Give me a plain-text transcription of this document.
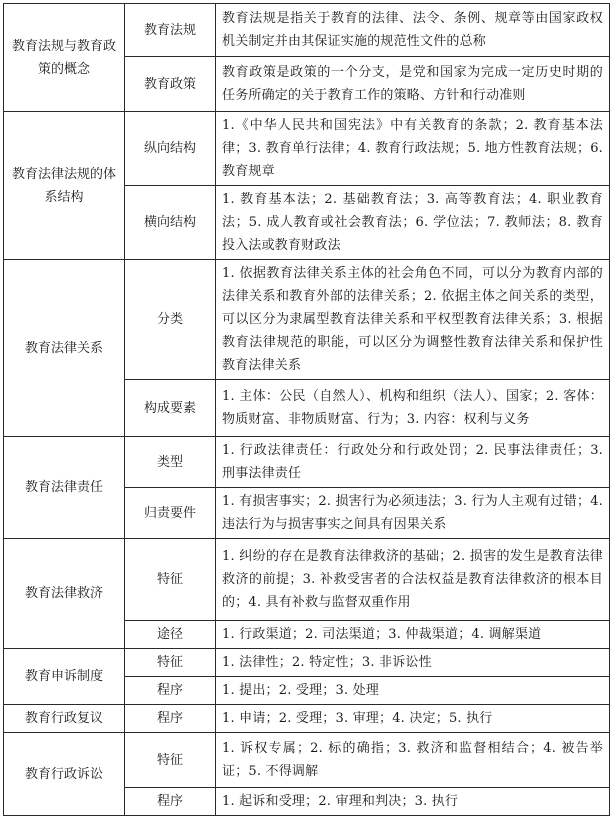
教育法规与教育政策的概念	教育法规	教育法规是指关于教育的法律、法令、条例、规章等由国家政权机关制定并由其保证实施的规范性文件的总称
	教育政策	教育政策是政策的一个分支，是党和国家为完成一定历史时期的任务所确定的关于教育工作的策略、方针和行动准则
教育法律法规的体系结构	纵向结构	1.《中华人民共和国宪法》中有关教育的条款；2. 教育基本法律；3. 教育单行法律；4. 教育行政法规；5. 地方性教育法规；6. 教育规章
	横向结构	1. 教育基本法；2. 基础教育法；3. 高等教育法；4. 职业教育法；5. 成人教育或社会教育法；6. 学位法；7. 教师法；8. 教育投入法或教育财政法
教育法律关系	分类	1. 依据教育法律关系主体的社会角色不同，可以分为教育内部的法律关系和教育外部的法律关系；2. 依据主体之间关系的类型，可以区分为隶属型教育法律关系和平权型教育法律关系；3. 根据教育法律规范的职能，可以区分为调整性教育法律关系和保护性教育法律关系
	构成要素	1. 主体：公民（自然人）、机构和组织（法人）、国家；2. 客体：物质财富、非物质财富、行为；3. 内容：权利与义务
教育法律责任	类型	1. 行政法律责任：行政处分和行政处罚；2. 民事法律责任；3. 刑事法律责任
	归责要件	1. 有损害事实；2. 损害行为必须违法；3. 行为人主观有过错；4. 违法行为与损害事实之间具有因果关系
教育法律救济	特征	1. 纠纷的存在是教育法律救济的基础；2. 损害的发生是教育法律救济的前提；3. 补救受害者的合法权益是教育法律救济的根本目的；4. 具有补救与监督双重作用
	途径	1. 行政渠道；2. 司法渠道；3. 仲裁渠道；4. 调解渠道
教育申诉制度	特征	1. 法律性；2. 特定性；3. 非诉讼性
	程序	1. 提出；2. 受理；3. 处理
教育行政复议	程序	1. 申请；2. 受理；3. 审理；4. 决定；5. 执行
教育行政诉讼	特征	1. 诉权专属；2. 标的确指；3. 救济和监督相结合；4. 被告举证；5. 不得调解
	程序	1. 起诉和受理；2. 审理和判决；3. 执行
